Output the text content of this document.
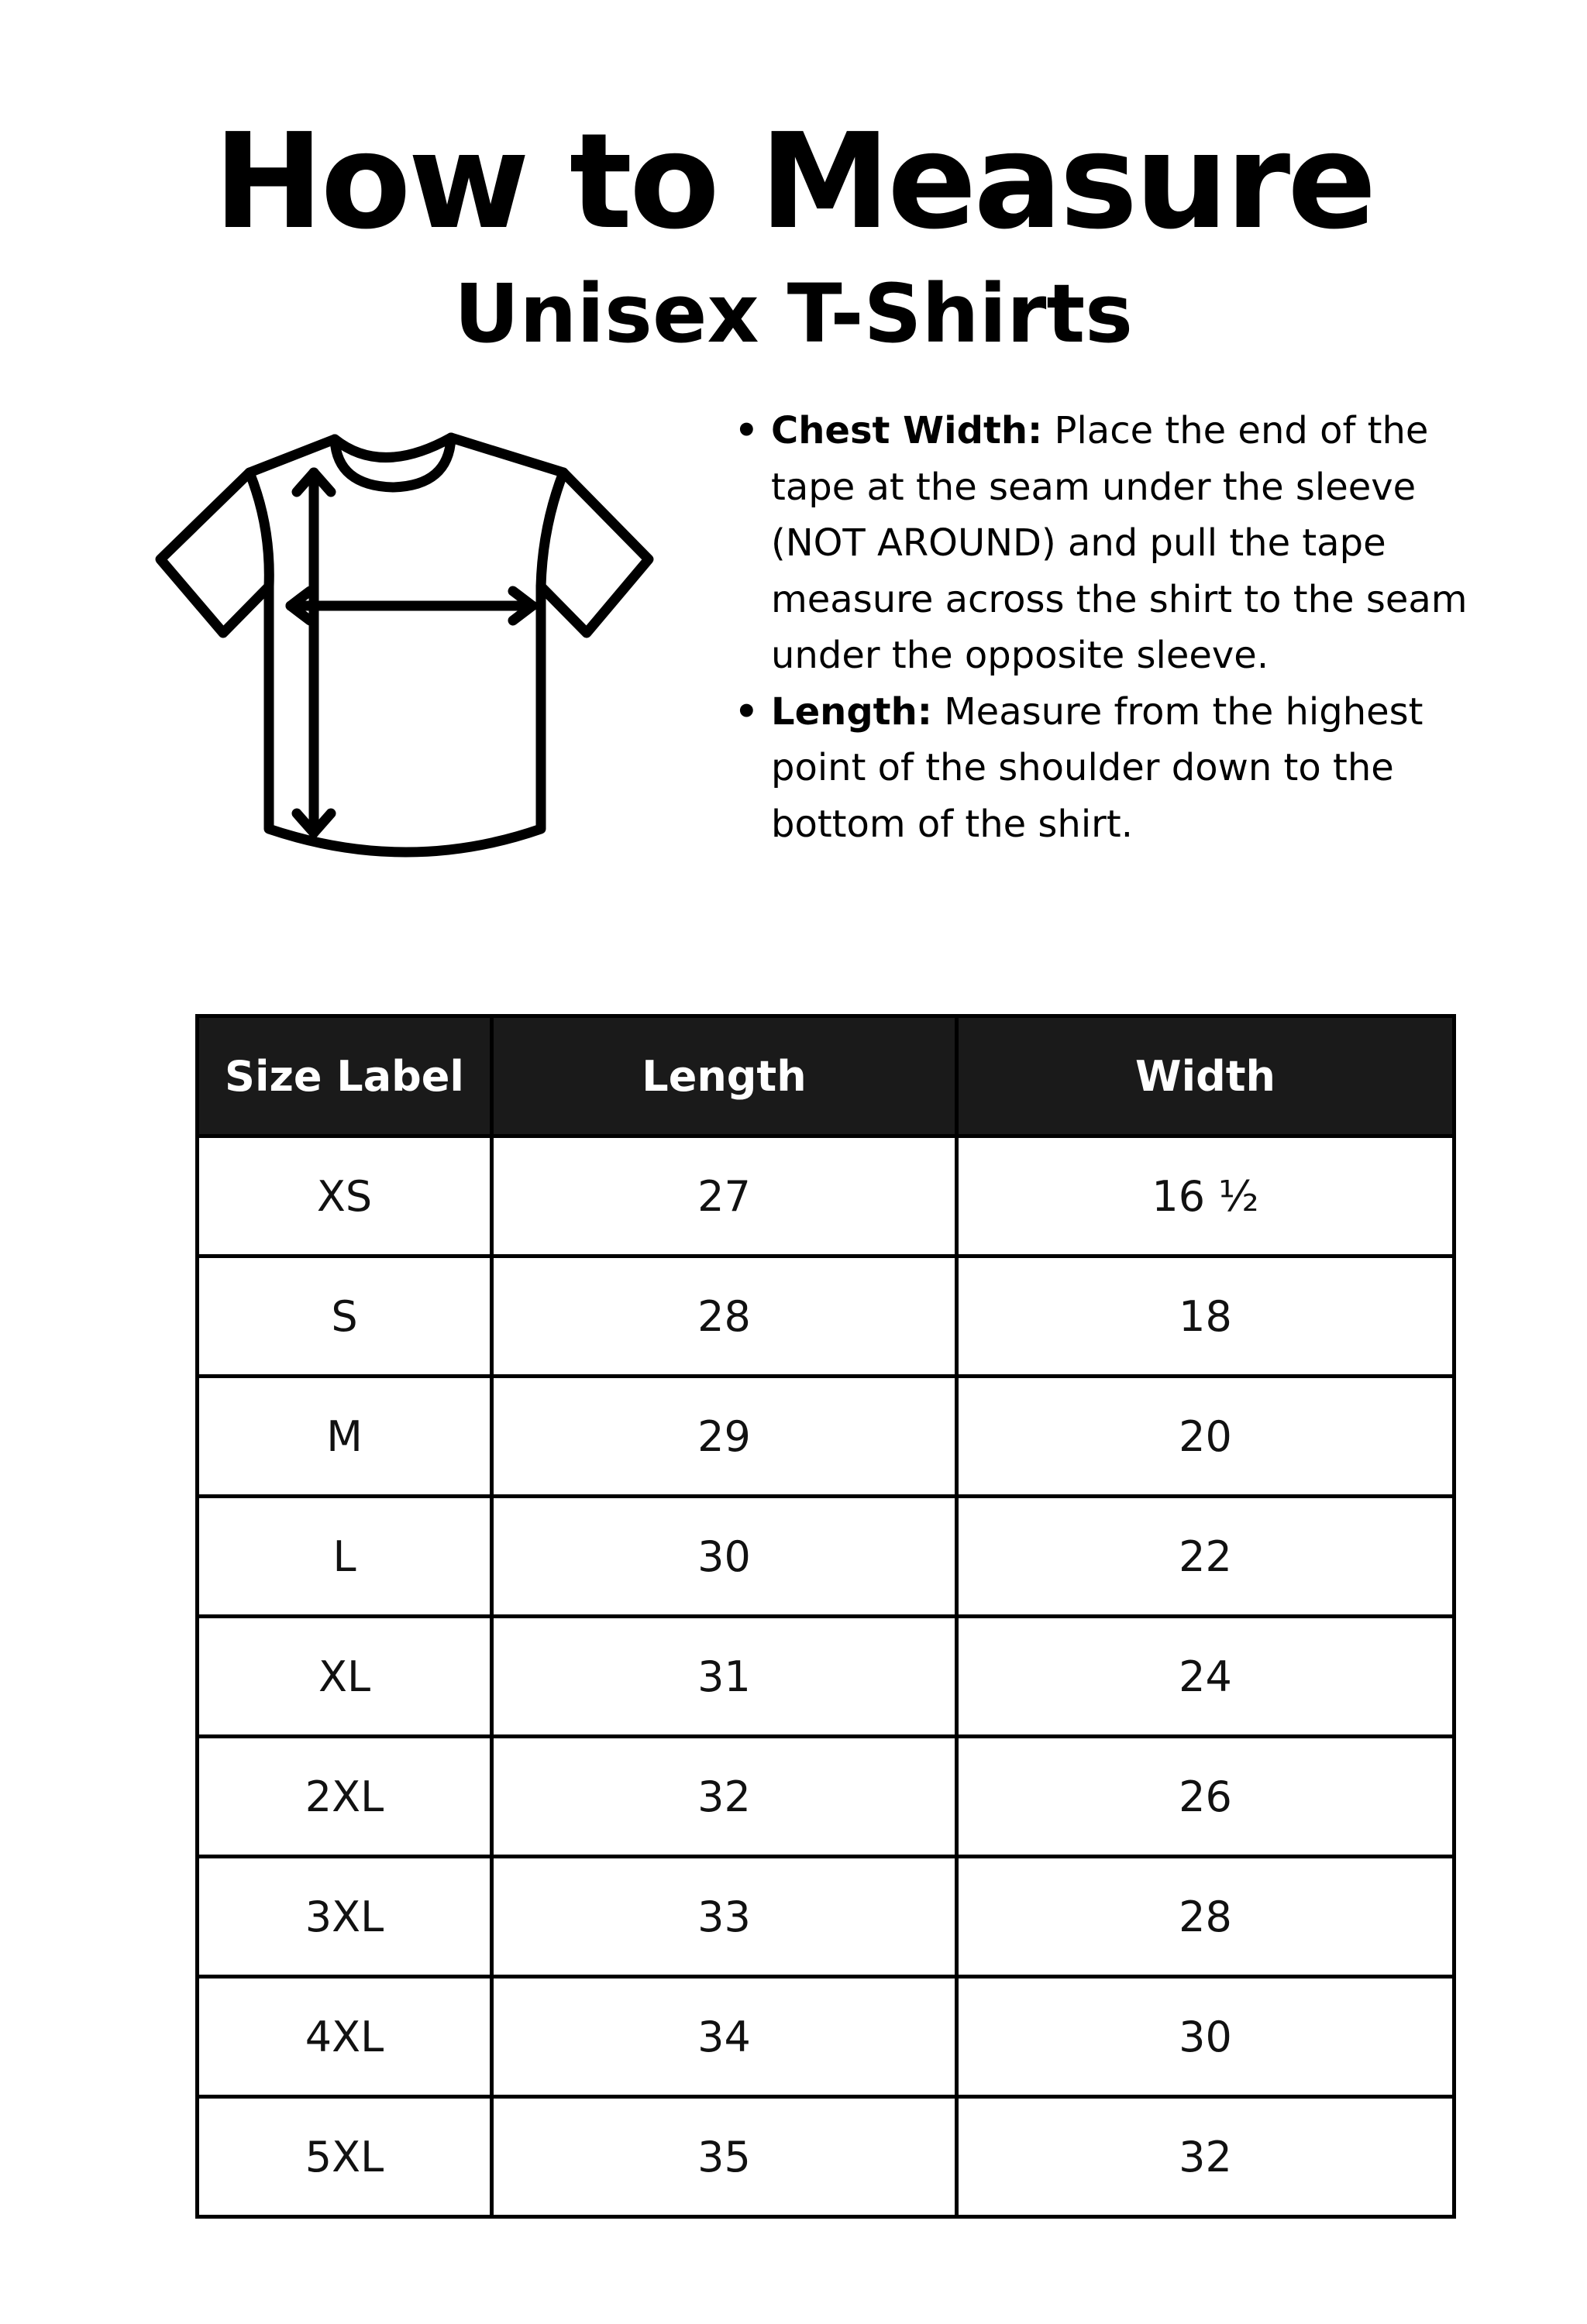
How to Measure
Unisex T-Shirts
• Chest Width: Place the end of the tape at the seam under the sleeve (NOT AROUND) and pull the tape measure across the shirt to the seam under the opposite sleeve.
• Length: Measure from the highest point of the shoulder down to the bottom of the shirt.
Size Label	Length	Width
XS	27	16 ½
S	28	18
M	29	20
L	30	22
XL	31	24
2XL	32	26
3XL	33	28
4XL	34	30
5XL	35	32
